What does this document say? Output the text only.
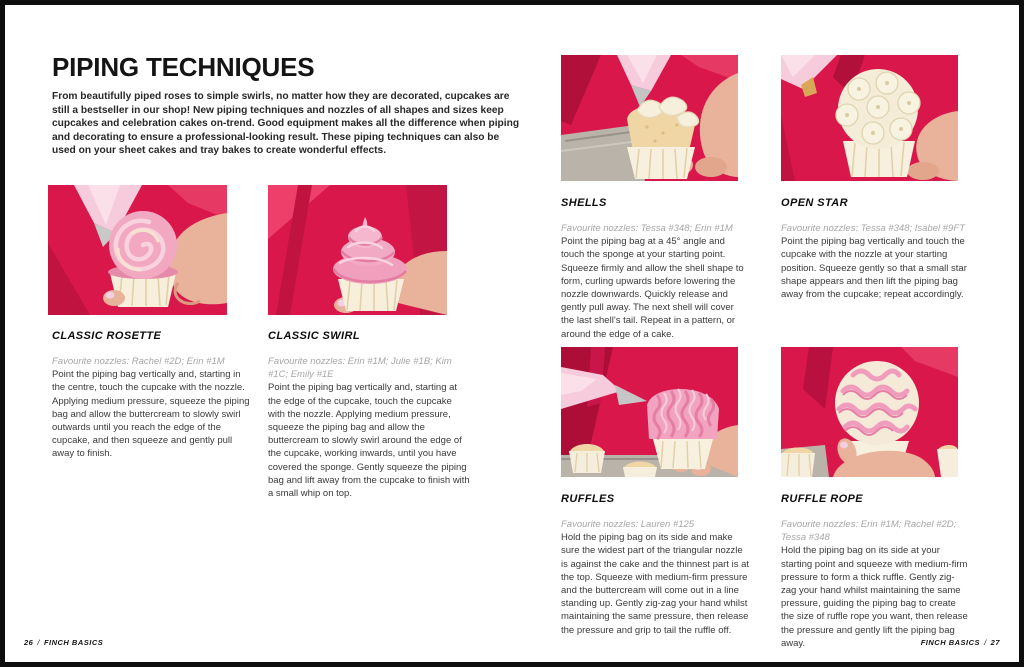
PIPING TECHNIQUES

From beautifully piped roses to simple swirls, no matter how they are decorated, cupcakes are still a bestseller in our shop! New piping techniques and nozzles of all shapes and sizes keep cupcakes and celebration cakes on-trend. Good equipment makes all the difference when piping and decorating to ensure a professional-looking result. These piping techniques can also be used on your sheet cakes and tray bakes to create wonderful effects.

CLASSIC ROSETTE

Favourite nozzles: Rachel #2D; Erin #1M

Point the piping bag vertically and, starting in the centre, touch the cupcake with the nozzle. Applying medium pressure, squeeze the piping bag and allow the buttercream to slowly swirl outwards until you reach the edge of the cupcake, and then squeeze and gently pull away to finish.

CLASSIC SWIRL

Favourite nozzles: Erin #1M; Julie #1B; Kim #1C; Emily #1E

Point the piping bag vertically and, starting at the edge of the cupcake, touch the cupcake with the nozzle. Applying medium pressure, squeeze the piping bag and allow the buttercream to slowly swirl around the edge of the cupcake, working inwards, until you have covered the sponge. Gently squeeze the piping bag and lift away from the cupcake to finish with a small whip on top.

SHELLS

Favourite nozzles: Tessa #348; Erin #1M

Point the piping bag at a 45° angle and touch the sponge at your starting point. Squeeze firmly and allow the shell shape to form, curling upwards before lowering the nozzle downwards. Quickly release and gently pull away. The next shell will cover the last shell’s tail. Repeat in a pattern, or around the edge of a cake.

OPEN STAR

Favourite nozzles: Tessa #348; Isabel #9FT

Point the piping bag vertically and touch the cupcake with the nozzle at your starting position. Squeeze gently so that a small star shape appears and then lift the piping bag away from the cupcake; repeat accordingly.

RUFFLES

Favourite nozzles: Lauren #125

Hold the piping bag on its side and make sure the widest part of the triangular nozzle is against the cake and the thinnest part is at the top. Squeeze with medium-firm pressure and the buttercream will come out in a line standing up. Gently zig-zag your hand whilst maintaining the same pressure, then release the pressure and grip to tail the ruffle off.

RUFFLE ROPE

Favourite nozzles: Erin #1M; Rachel #2D; Tessa #348

Hold the piping bag on its side at your starting point and squeeze with medium-firm pressure to form a thick ruffle. Gently zig-zag your hand whilst maintaining the same pressure, guiding the piping bag to create the size of ruffle rope you want, then release the pressure and gently lift the piping bag away.

26 / FINCH BASICS	FINCH BASICS / 27
